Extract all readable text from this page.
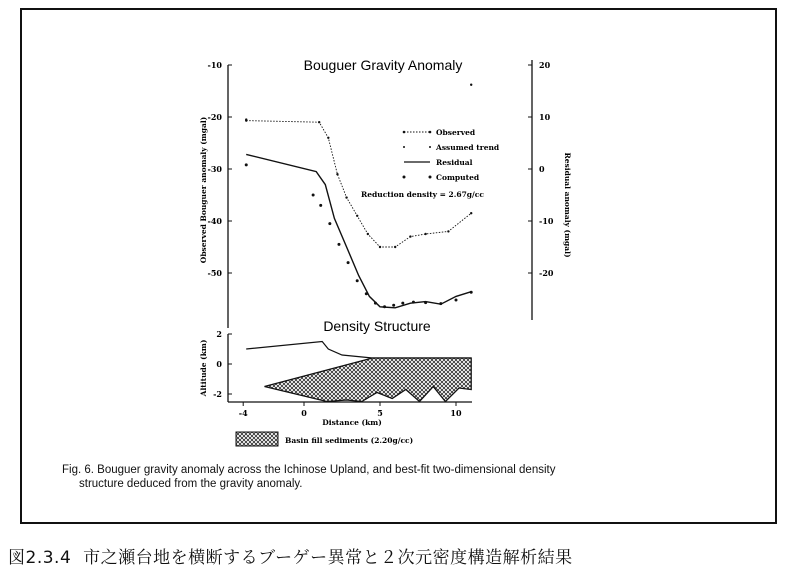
Bouguer Gravity Anomaly
Density Structure
Observed Bouguer anomaly (mgal)	Residual anomaly (mgal)
Altitude (km)
Distance (km)
Observed
Assumed trend
Residual
Computed
Reduction density = 2.67g/cc
Basin fill sediments (2.20g/cc)
-10
-20
-30
-40
-50
20
10
0
-10
-20
2
0
-2
-4	0	5	10
Fig. 6. Bouguer gravity anomaly across the Ichinose Upland, and best-fit two-dimensional density
structure deduced from the gravity anomaly.
図2.3.4 市之瀬台地を横断するブーゲー異常と２次元密度構造解析結果
